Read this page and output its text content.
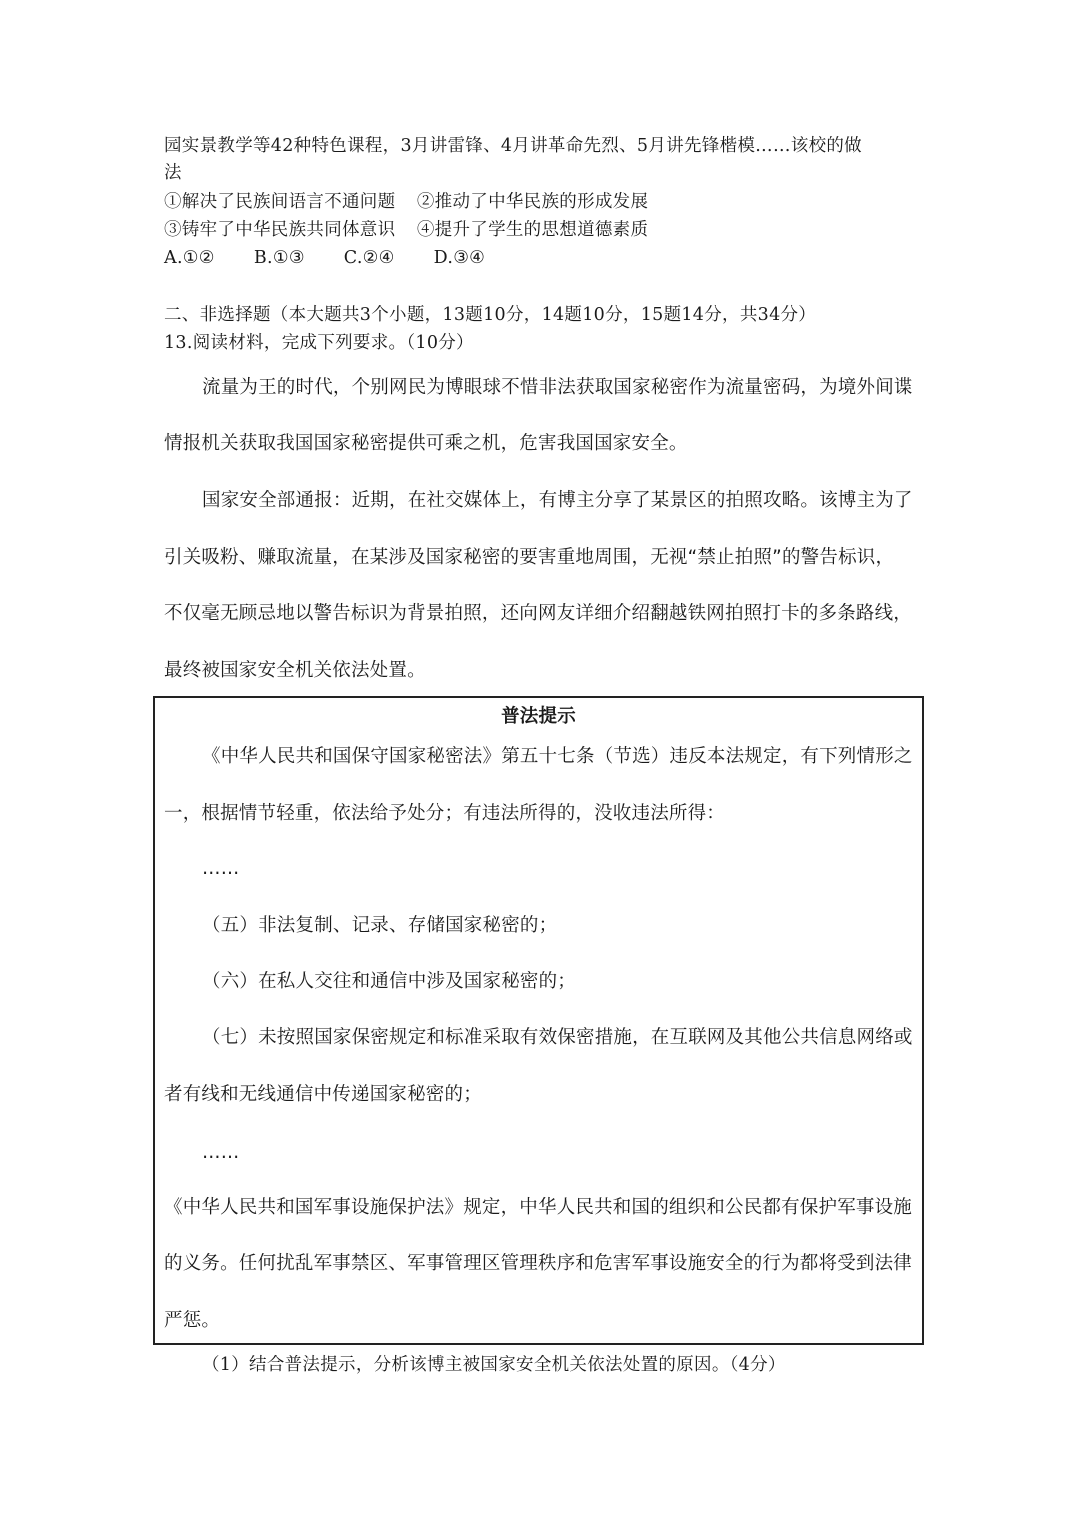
园实景教学等42种特色课程，3月讲雷锋、4月讲革命先烈、5月讲先锋楷模……该校的做
法
①解决了民族间语言不通问题 ②推动了中华民族的形成发展
③铸牢了中华民族共同体意识 ④提升了学生的思想道德素质
A.①② B.①③ C.②④ D.③④
二、非选择题（本大题共3个小题，13题10分，14题10分，15题14分，共34分）
13.阅读材料，完成下列要求。（10分）
流量为王的时代，个别网民为博眼球不惜非法获取国家秘密作为流量密码，为境外间谍
情报机关获取我国国家秘密提供可乘之机，危害我国国家安全。
国家安全部通报：近期，在社交媒体上，有博主分享了某景区的拍照攻略。该博主为了
引关吸粉、赚取流量，在某涉及国家秘密的要害重地周围，无视“禁止拍照”的警告标识，
不仅毫无顾忌地以警告标识为背景拍照，还向网友详细介绍翻越铁网拍照打卡的多条路线，
最终被国家安全机关依法处置。
普法提示
《中华人民共和国保守国家秘密法》第五十七条（节选）违反本法规定，有下列情形之
一，根据情节轻重，依法给予处分；有违法所得的，没收违法所得：
……
（五）非法复制、记录、存储国家秘密的；
（六）在私人交往和通信中涉及国家秘密的；
（七）未按照国家保密规定和标准采取有效保密措施，在互联网及其他公共信息网络或
者有线和无线通信中传递国家秘密的；
……
《中华人民共和国军事设施保护法》规定，中华人民共和国的组织和公民都有保护军事设施
的义务。任何扰乱军事禁区、军事管理区管理秩序和危害军事设施安全的行为都将受到法律
严惩。
（1）结合普法提示，分析该博主被国家安全机关依法处置的原因。（4分）
